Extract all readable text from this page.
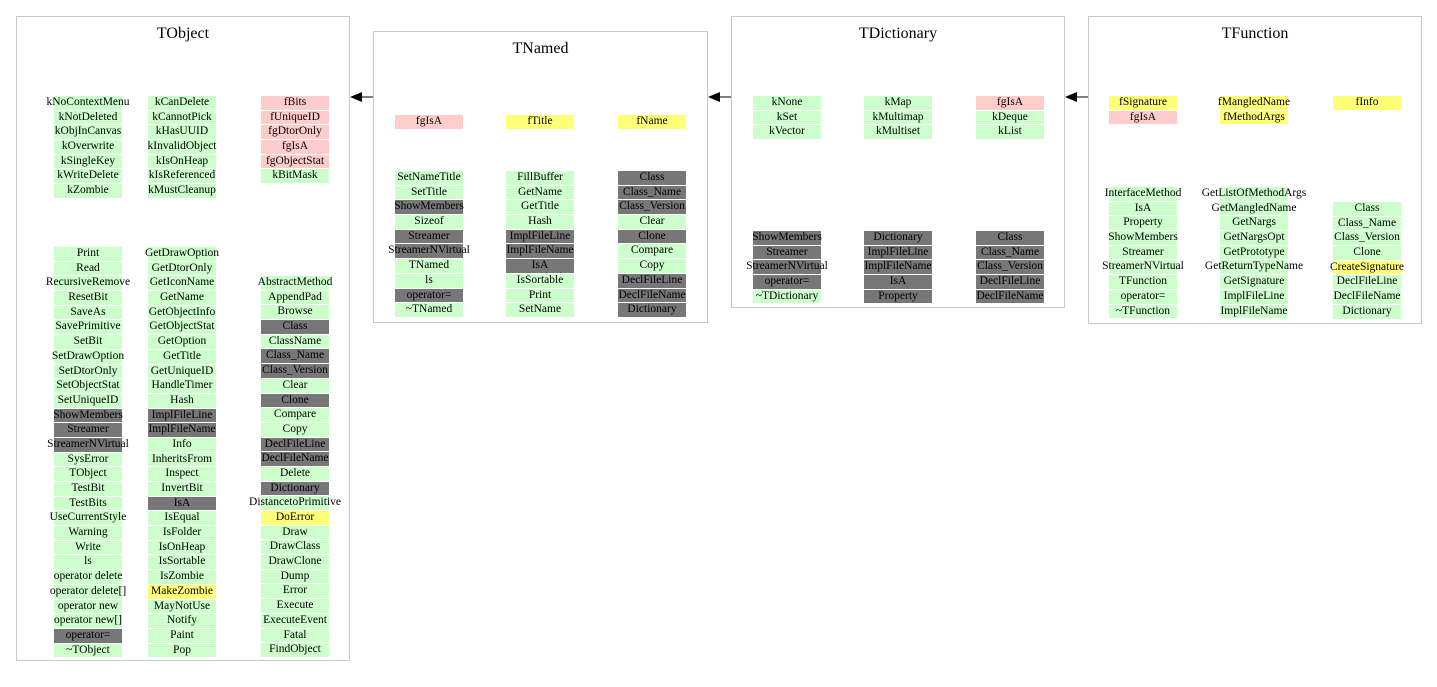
TObject
kNoContextMenu
kNotDeleted
kObjInCanvas
kOverwrite
kSingleKey
kWriteDelete
kZombie
Print
Read
RecursiveRemove
ResetBit
SaveAs
SavePrimitive
SetBit
SetDrawOption
SetDtorOnly
SetObjectStat
SetUniqueID
ShowMembers
Streamer
StreamerNVirtual
SysError
TObject
TestBit
TestBits
UseCurrentStyle
Warning
Write
ls
operator delete
operator delete[]
operator new
operator new[]
operator=
~TObject
kCanDelete
kCannotPick
kHasUUID
kInvalidObject
kIsOnHeap
kIsReferenced
kMustCleanup
GetDrawOption
GetDtorOnly
GetIconName
GetName
GetObjectInfo
GetObjectStat
GetOption
GetTitle
GetUniqueID
HandleTimer
Hash
ImplFileLine
ImplFileName
Info
InheritsFrom
Inspect
InvertBit
IsA
IsEqual
IsFolder
IsOnHeap
IsSortable
IsZombie
MakeZombie
MayNotUse
Notify
Paint
Pop
fBits
fUniqueID
fgDtorOnly
fgIsA
fgObjectStat
kBitMask
AbstractMethod
AppendPad
Browse
Class
ClassName
Class_Name
Class_Version
Clear
Clone
Compare
Copy
DeclFileLine
DeclFileName
Delete
Dictionary
DistancetoPrimitive
DoError
Draw
DrawClass
DrawClone
Dump
Error
Execute
ExecuteEvent
Fatal
FindObject
TNamed
fgIsA
SetNameTitle
SetTitle
ShowMembers
Sizeof
Streamer
StreamerNVirtual
TNamed
ls
operator=
~TNamed
fTitle
FillBuffer
GetName
GetTitle
Hash
ImplFileLine
ImplFileName
IsA
IsSortable
Print
SetName
fName
Class
Class_Name
Class_Version
Clear
Clone
Compare
Copy
DeclFileLine
DeclFileName
Dictionary
TDictionary
kNone
kSet
kVector
ShowMembers
Streamer
StreamerNVirtual
operator=
~TDictionary
kMap
kMultimap
kMultiset
Dictionary
ImplFileLine
ImplFileName
IsA
Property
fgIsA
kDeque
kList
Class
Class_Name
Class_Version
DeclFileLine
DeclFileName
TFunction
fSignature
fgIsA
InterfaceMethod
IsA
Property
ShowMembers
Streamer
StreamerNVirtual
TFunction
operator=
~TFunction
fMangledName
fMethodArgs
GetListOfMethodArgs
GetMangledName
GetNargs
GetNargsOpt
GetPrototype
GetReturnTypeName
GetSignature
ImplFileLine
ImplFileName
fInfo
Class
Class_Name
Class_Version
Clone
CreateSignature
DeclFileLine
DeclFileName
Dictionary
